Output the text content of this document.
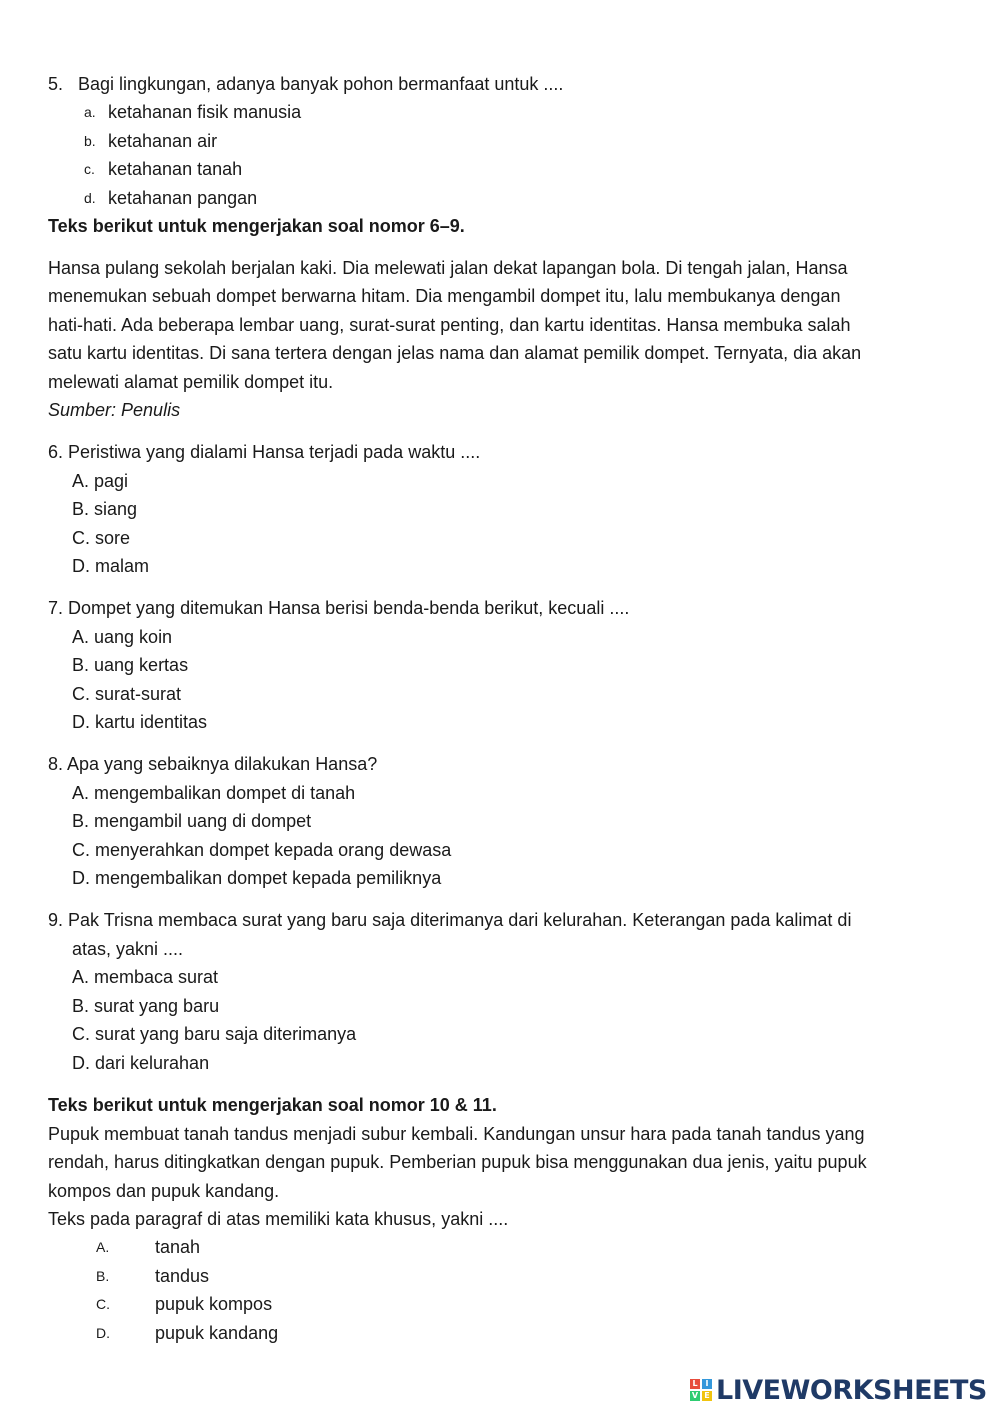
5. Bagi lingkungan, adanya banyak pohon bermanfaat untuk ....
a. ketahanan fisik manusia
b. ketahanan air
c. ketahanan tanah
d. ketahanan pangan
Teks berikut untuk mengerjakan soal nomor 6–9.
Hansa pulang sekolah berjalan kaki. Dia melewati jalan dekat lapangan bola. Di tengah jalan, Hansa
menemukan sebuah dompet berwarna hitam. Dia mengambil dompet itu, lalu membukanya dengan
hati-hati. Ada beberapa lembar uang, surat-surat penting, dan kartu identitas. Hansa membuka salah
satu kartu identitas. Di sana tertera dengan jelas nama dan alamat pemilik dompet. Ternyata, dia akan
melewati alamat pemilik dompet itu.
Sumber: Penulis
6. Peristiwa yang dialami Hansa terjadi pada waktu ....
A. pagi
B. siang
C. sore
D. malam
7. Dompet yang ditemukan Hansa berisi benda-benda berikut, kecuali ....
A. uang koin
B. uang kertas
C. surat-surat
D. kartu identitas
8. Apa yang sebaiknya dilakukan Hansa?
A. mengembalikan dompet di tanah
B. mengambil uang di dompet
C. menyerahkan dompet kepada orang dewasa
D. mengembalikan dompet kepada pemiliknya
9. Pak Trisna membaca surat yang baru saja diterimanya dari kelurahan. Keterangan pada kalimat di
atas, yakni ....
A. membaca surat
B. surat yang baru
C. surat yang baru saja diterimanya
D. dari kelurahan
Teks berikut untuk mengerjakan soal nomor 10 & 11.
Pupuk membuat tanah tandus menjadi subur kembali. Kandungan unsur hara pada tanah tandus yang
rendah, harus ditingkatkan dengan pupuk. Pemberian pupuk bisa menggunakan dua jenis, yaitu pupuk
kompos dan pupuk kandang.
Teks pada paragraf di atas memiliki kata khusus, yakni ....
A.	tanah
B.	tandus
C.	pupuk kompos
D.	pupuk kandang
L I
V E LIVEWORKSHEETS
